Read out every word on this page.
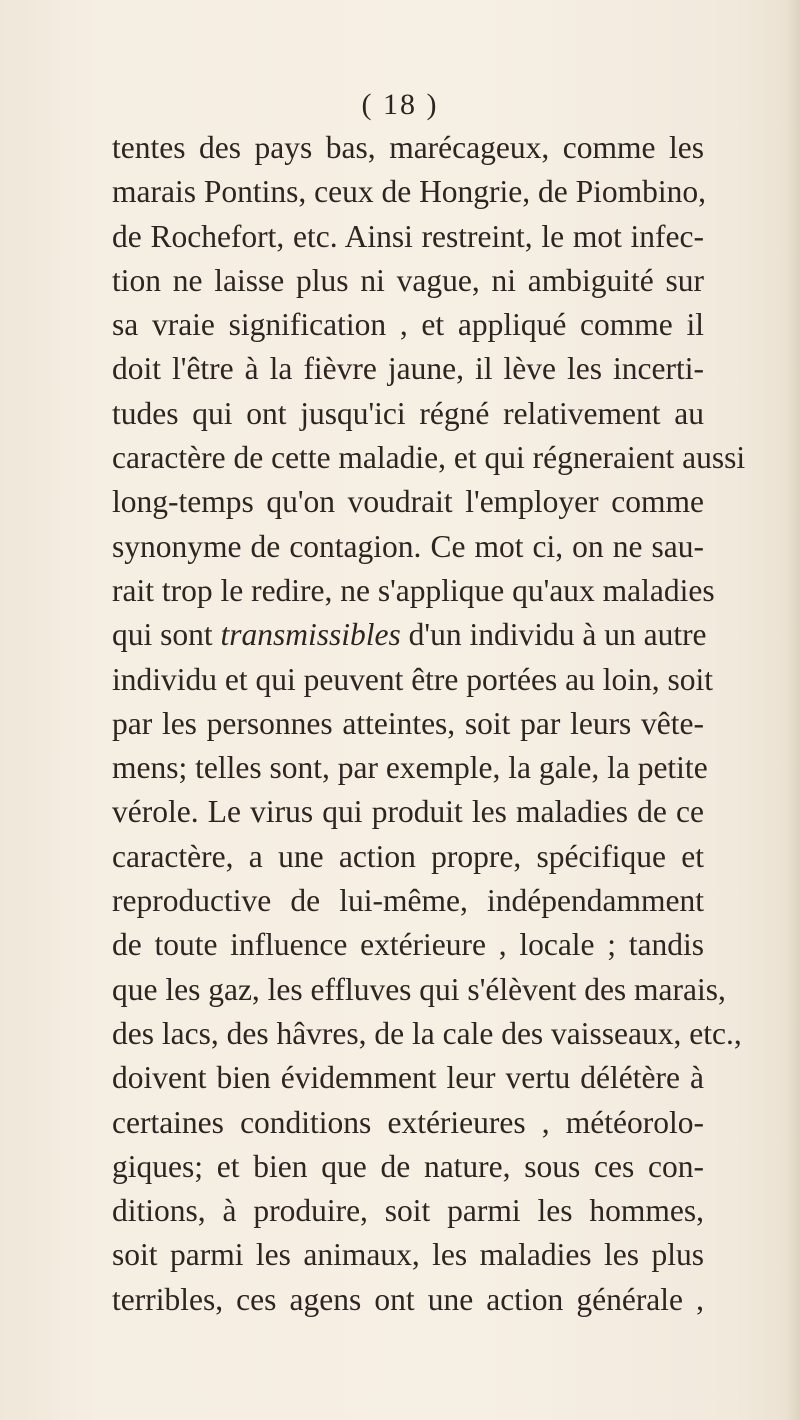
( 18 )
tentes des pays bas, marécageux, comme les
marais Pontins, ceux de Hongrie, de Piombino,
de Rochefort, etc. Ainsi restreint, le mot infec-
tion ne laisse plus ni vague, ni ambiguité sur
sa vraie signification , et appliqué comme il
doit l'être à la fièvre jaune, il lève les incerti-
tudes qui ont jusqu'ici régné relativement au
caractère de cette maladie, et qui régneraient aussi
long-temps qu'on voudrait l'employer comme
synonyme de contagion. Ce mot ci, on ne sau-
rait trop le redire, ne s'applique qu'aux maladies
qui sont transmissibles d'un individu à un autre
individu et qui peuvent être portées au loin, soit
par les personnes atteintes, soit par leurs vête-
mens; telles sont, par exemple, la gale, la petite
vérole. Le virus qui produit les maladies de ce
caractère, a une action propre, spécifique et
reproductive de lui-même, indépendamment
de toute influence extérieure , locale ; tandis
que les gaz, les effluves qui s'élèvent des marais,
des lacs, des hâvres, de la cale des vaisseaux, etc.,
doivent bien évidemment leur vertu délétère à
certaines conditions extérieures , météorolo-
giques; et bien que de nature, sous ces con-
ditions, à produire, soit parmi les hommes,
soit parmi les animaux, les maladies les plus
terribles, ces agens ont une action générale ,
